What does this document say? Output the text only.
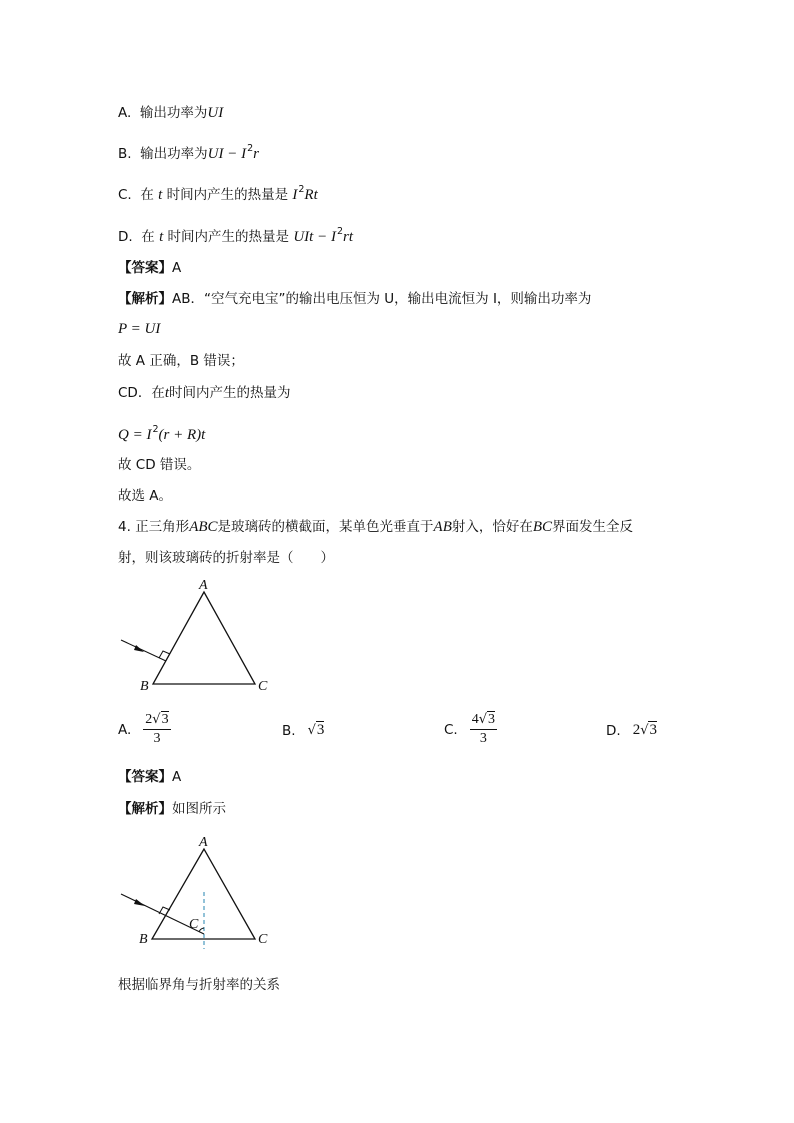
A. 输出功率为UI
B. 输出功率为UI − $I^2r$
C. 在 t 时间内产生的热量是 $I^2Rt$
D. 在 t 时间内产生的热量是 UIt − $I^2rt$
【答案】A
【解析】AB．“空气充电宝”的输出电压恒为 U，输出电流恒为 I，则输出功率为
P = UI
故 A 正确，B 错误；
CD．在t时间内产生的热量为
$Q = I^2(r + R)t$
故 CD 错误。
故选 A。
4. 正三角形ABC是玻璃砖的横截面，某单色光垂直于AB射入，恰好在BC界面发生全反
射，则该玻璃砖的折射率是（　　）
A
B	C
A. $\frac{2√3}{3}$	B. √3	C. $\frac{4√3}{3}$	D. 2√3
【答案】A
【解析】如图所示
A
B	C
C
根据临界角与折射率的关系
